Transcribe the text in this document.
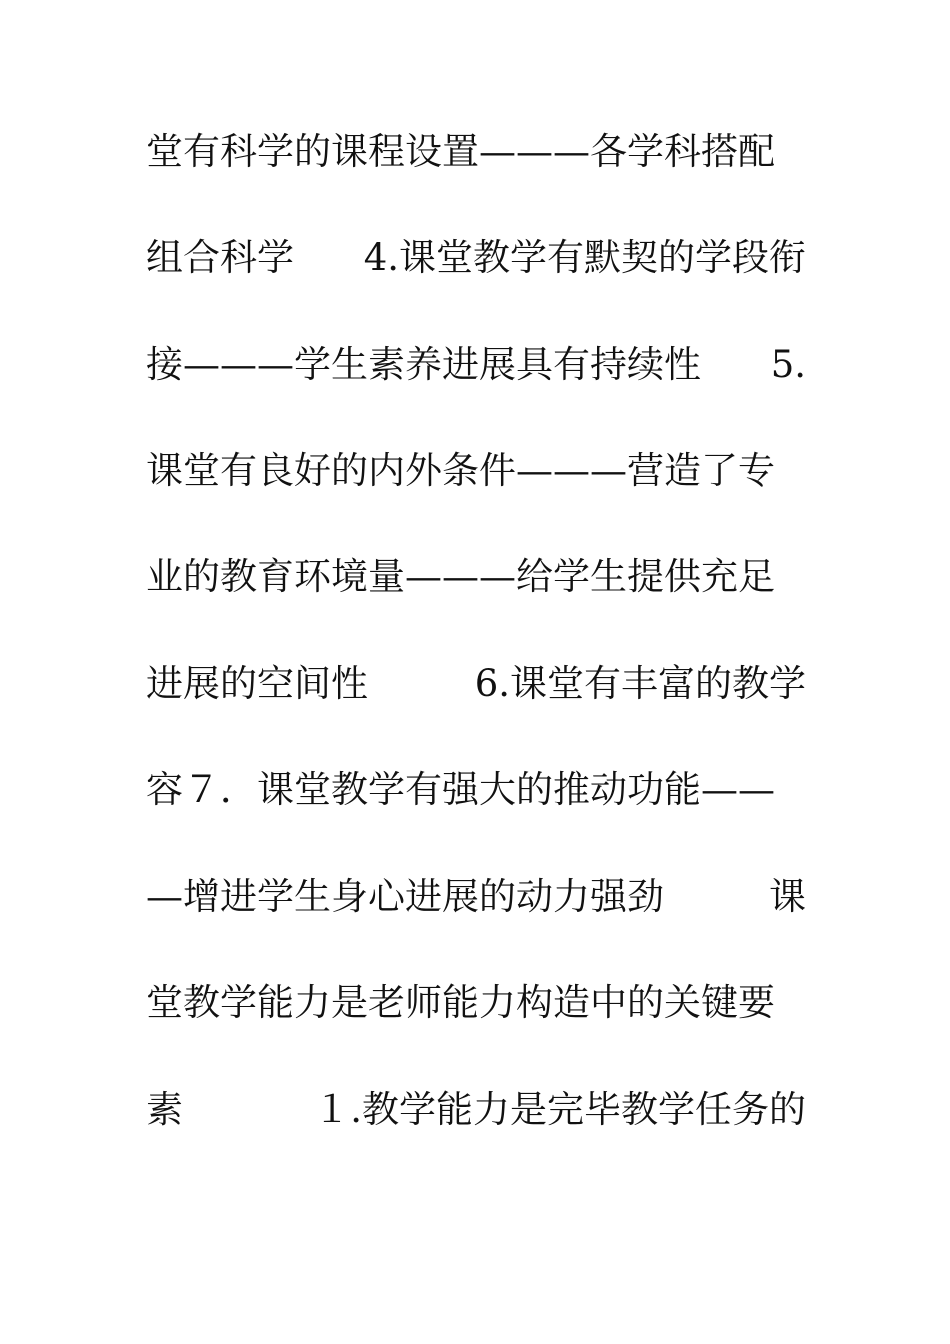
堂有科学的课程设置———各学科搭配
组合科学 4.课堂教学有默契的学段衔
接———学生素养进展具有持续性 5.
课堂有良好的内外条件———营造了专
业的教育环境量———给学生提供充足
进展的空间性	6.课堂有丰富的教学
容７．课堂教学有强大的推动功能——
—增进学生身心进展的动力强劲	课
堂教学能力是老师能力构造中的关键要
素	１.教学能力是完毕教学任务的
